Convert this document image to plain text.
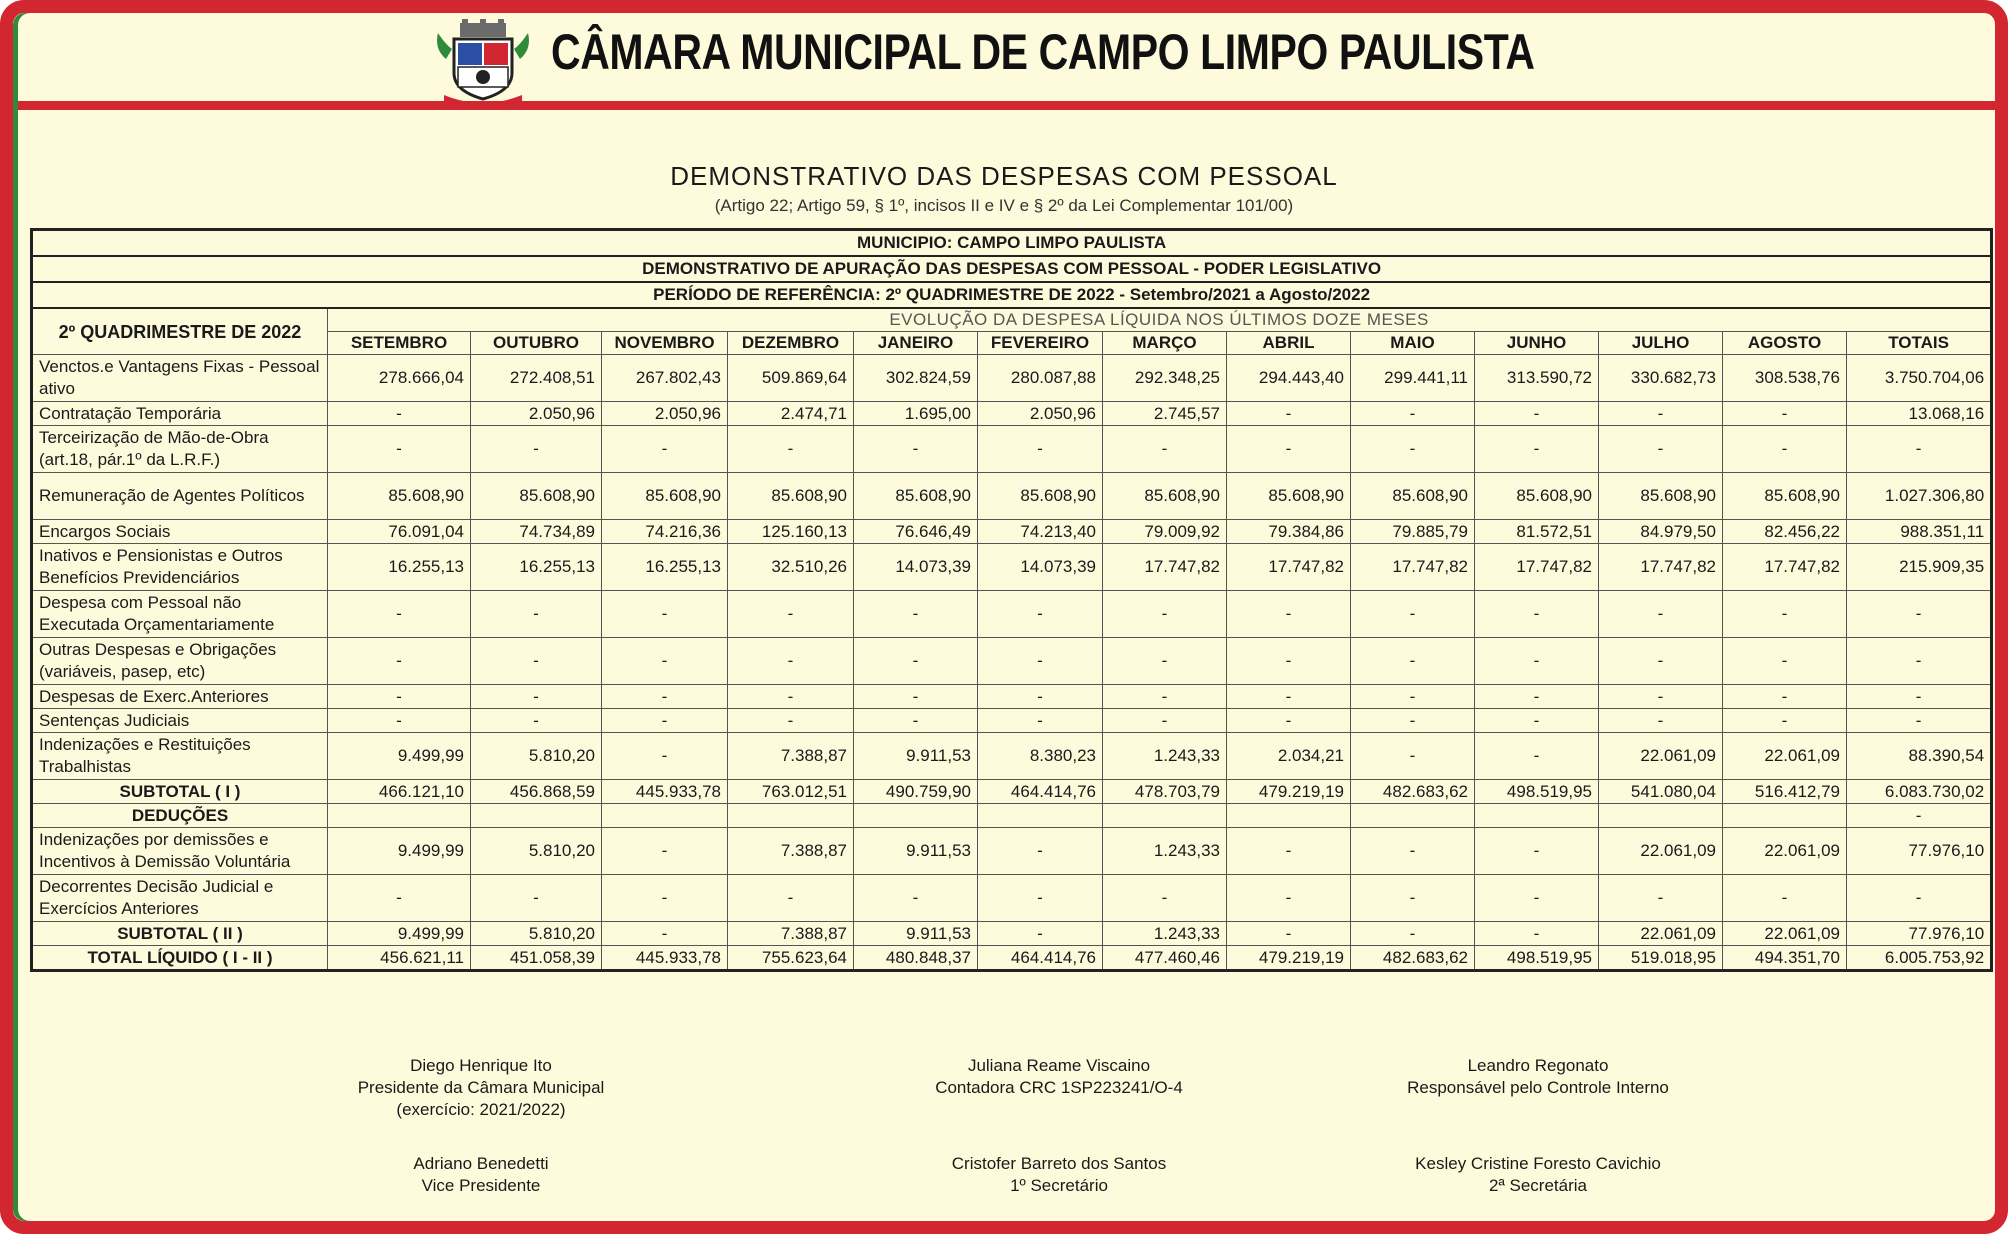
CÂMARA MUNICIPAL DE CAMPO LIMPO PAULISTA
DEMONSTRATIVO DAS DESPESAS COM PESSOAL
(Artigo 22; Artigo 59, § 1º, incisos II e IV e § 2º da Lei Complementar 101/00)
MUNICIPIO: CAMPO LIMPO PAULISTA													
DEMONSTRATIVO DE APURAÇÃO DAS DESPESAS COM PESSOAL - PODER LEGISLATIVO													
PERÍODO DE REFERÊNCIA: 2º QUADRIMESTRE DE 2022 - Setembro/2021 a Agosto/2022													
2º QUADRIMESTRE DE 2022	EVOLUÇÃO DA DESPESA LÍQUIDA NOS ÚLTIMOS DOZE MESES												
	SETEMBRO	OUTUBRO	NOVEMBRO	DEZEMBRO	JANEIRO	FEVEREIRO	MARÇO	ABRIL	MAIO	JUNHO	JULHO	AGOSTO	TOTAIS
Venctos.e Vantagens Fixas - Pessoal ativo	278.666,04	272.408,51	267.802,43	509.869,64	302.824,59	280.087,88	292.348,25	294.443,40	299.441,11	313.590,72	330.682,73	308.538,76	3.750.704,06
Contratação Temporária	-	2.050,96	2.050,96	2.474,71	1.695,00	2.050,96	2.745,57	-	-	-	-	-	13.068,16
Terceirização de Mão-de-Obra (art.18, pár.1º da L.R.F.)	-	-	-	-	-	-	-	-	-	-	-	-	-
Remuneração de Agentes Políticos	85.608,90	85.608,90	85.608,90	85.608,90	85.608,90	85.608,90	85.608,90	85.608,90	85.608,90	85.608,90	85.608,90	85.608,90	1.027.306,80
Encargos Sociais	76.091,04	74.734,89	74.216,36	125.160,13	76.646,49	74.213,40	79.009,92	79.384,86	79.885,79	81.572,51	84.979,50	82.456,22	988.351,11
Inativos e Pensionistas e Outros Benefícios Previdenciários	16.255,13	16.255,13	16.255,13	32.510,26	14.073,39	14.073,39	17.747,82	17.747,82	17.747,82	17.747,82	17.747,82	17.747,82	215.909,35
Despesa com Pessoal não Executada Orçamentariamente	-	-	-	-	-	-	-	-	-	-	-	-	-
Outras Despesas e Obrigações (variáveis, pasep, etc)	-	-	-	-	-	-	-	-	-	-	-	-	-
Despesas de Exerc.Anteriores	-	-	-	-	-	-	-	-	-	-	-	-	-
Sentenças Judiciais	-	-	-	-	-	-	-	-	-	-	-	-	-
Indenizações e Restituições Trabalhistas	9.499,99	5.810,20	-	7.388,87	9.911,53	8.380,23	1.243,33	2.034,21	-	-	22.061,09	22.061,09	88.390,54
SUBTOTAL ( I )	466.121,10	456.868,59	445.933,78	763.012,51	490.759,90	464.414,76	478.703,79	479.219,19	482.683,62	498.519,95	541.080,04	516.412,79	6.083.730,02
DEDUÇÕES													-
Indenizações por demissões e Incentivos à Demissão Voluntária	9.499,99	5.810,20	-	7.388,87	9.911,53	-	1.243,33	-	-	-	22.061,09	22.061,09	77.976,10
Decorrentes Decisão Judicial e Exercícios Anteriores	-	-	-	-	-	-	-	-	-	-	-	-	-
SUBTOTAL ( II )	9.499,99	5.810,20	-	7.388,87	9.911,53	-	1.243,33	-	-	-	22.061,09	22.061,09	77.976,10
TOTAL LÍQUIDO ( I - II )	456.621,11	451.058,39	445.933,78	755.623,64	480.848,37	464.414,76	477.460,46	479.219,19	482.683,62	498.519,95	519.018,95	494.351,70	6.005.753,92
Diego Henrique Ito
Presidente da Câmara Municipal
(exercício: 2021/2022)
Juliana Reame Viscaino
Contadora CRC 1SP223241/O-4
Leandro Regonato
Responsável pelo Controle Interno
Adriano Benedetti
Vice Presidente
Cristofer Barreto dos Santos
1º Secretário
Kesley Cristine Foresto Cavichio
2ª Secretária
